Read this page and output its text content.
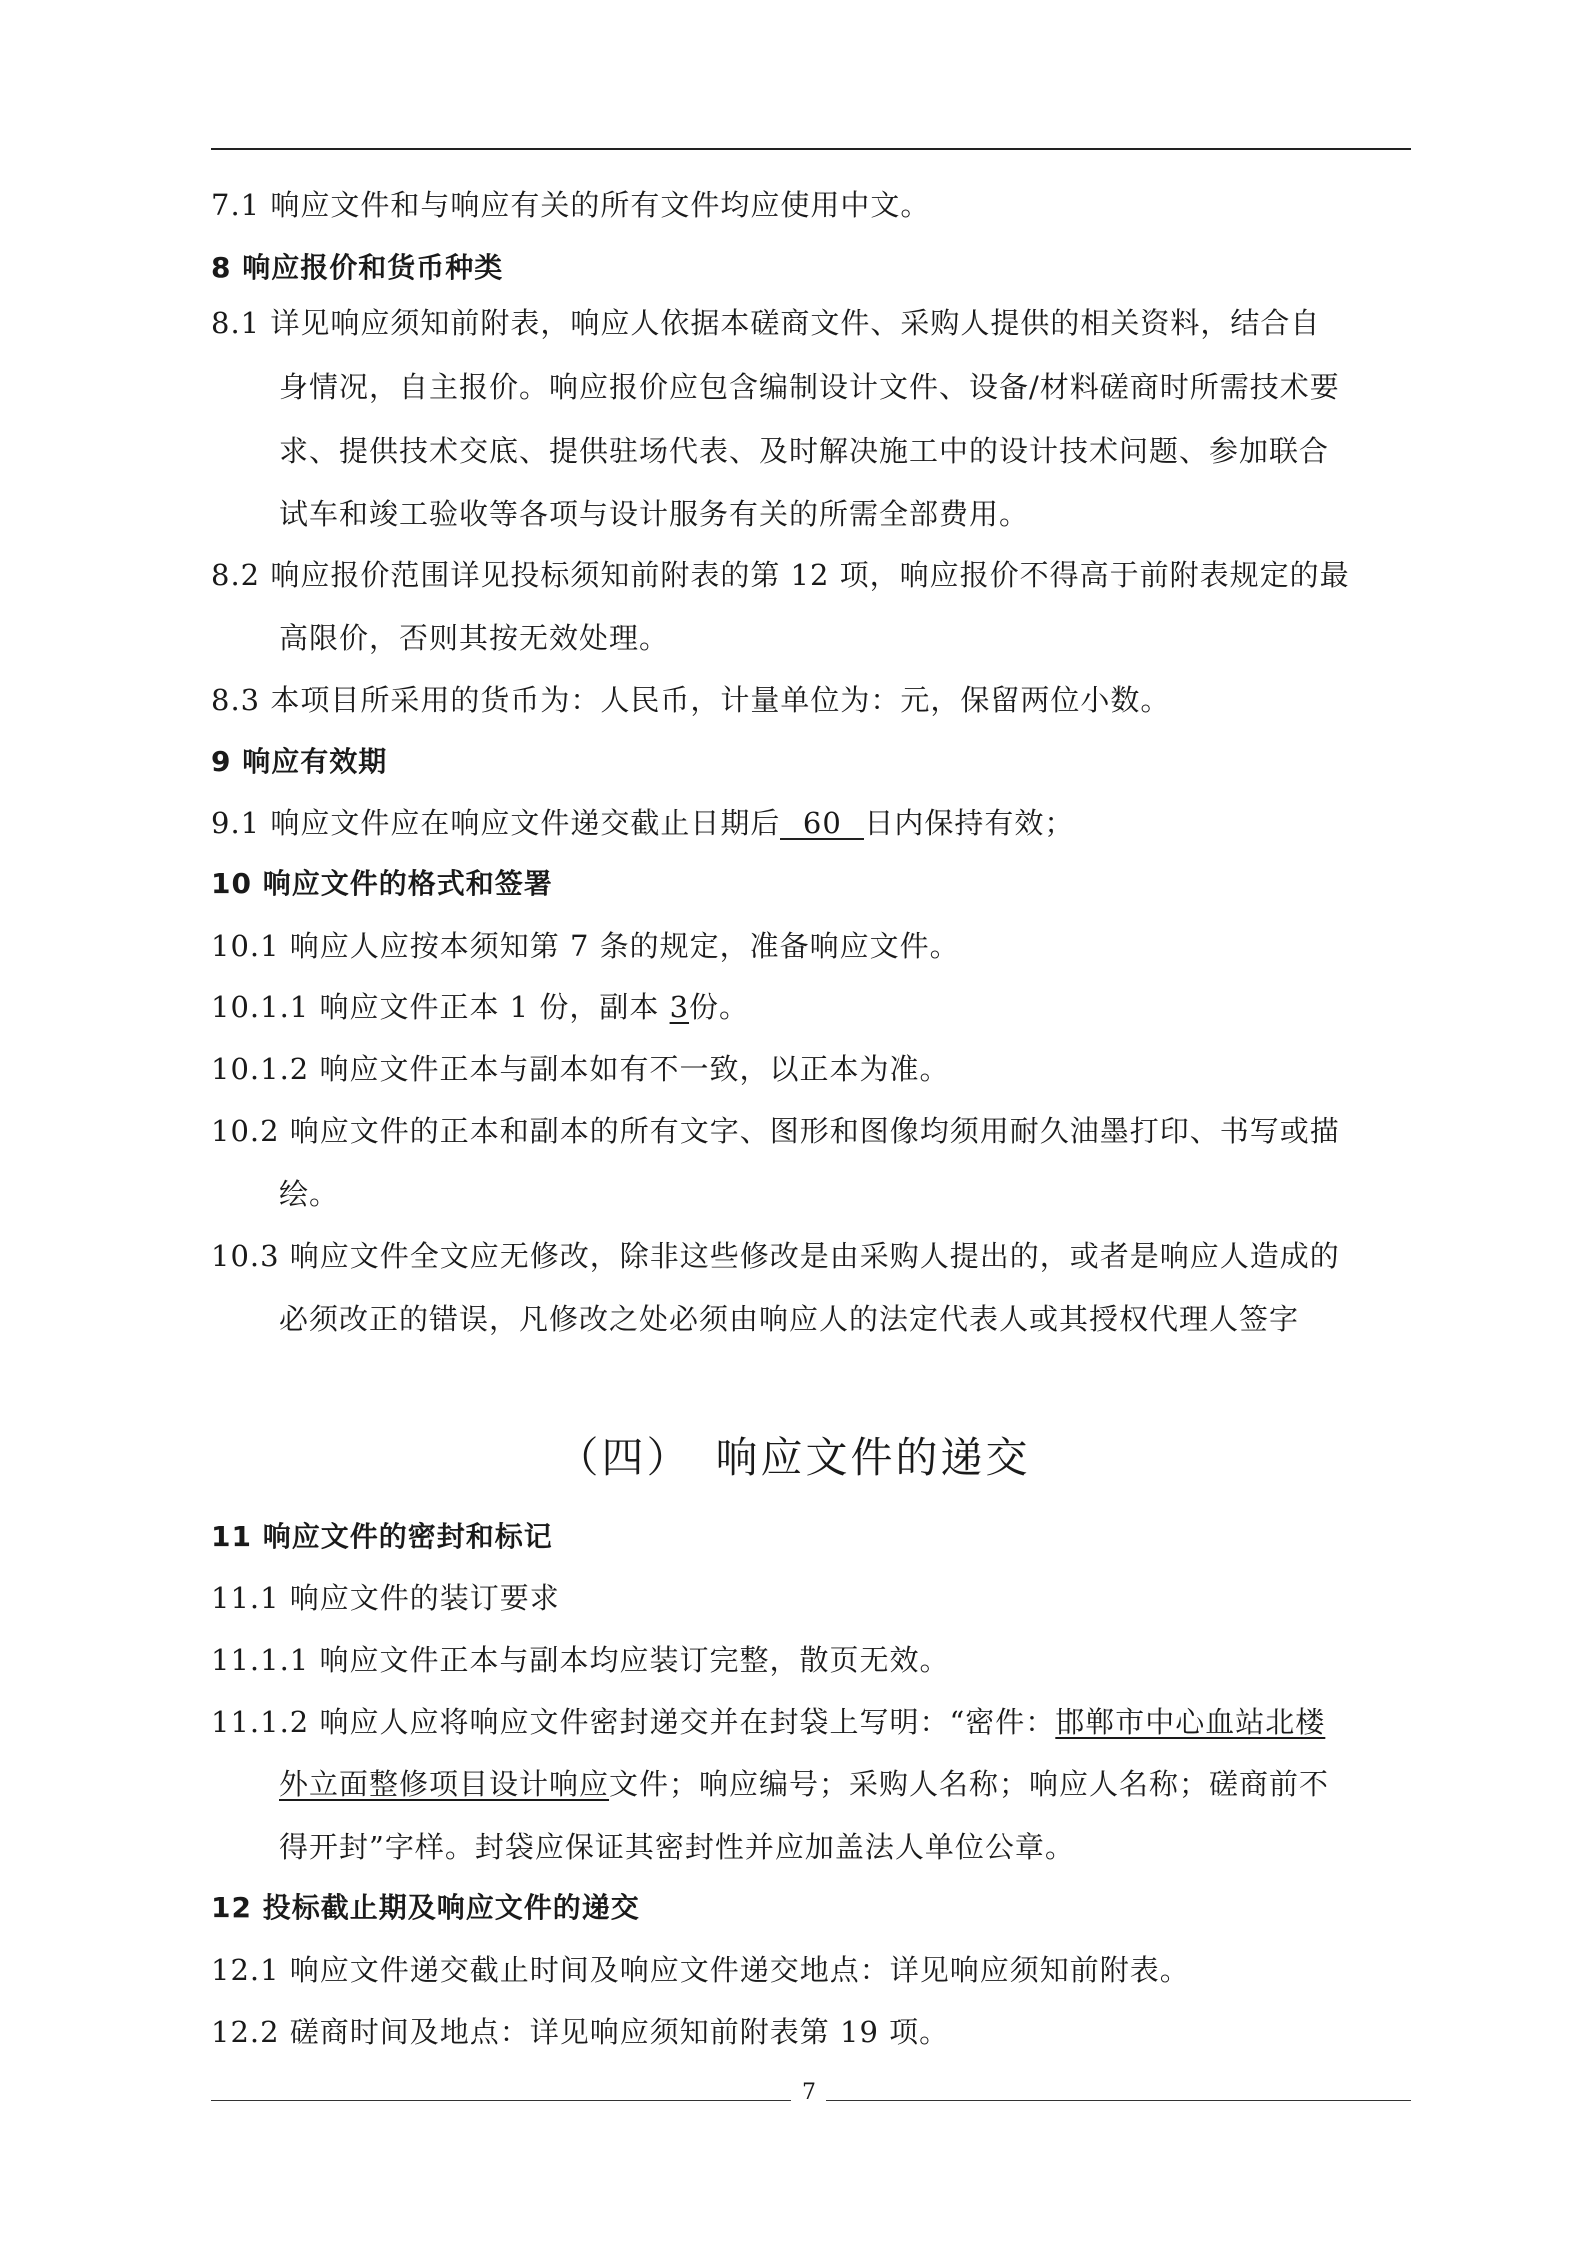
7.1 响应文件和与响应有关的所有文件均应使用中文。
8 响应报价和货币种类
8.1 详见响应须知前附表，响应人依据本磋商文件、采购人提供的相关资料，结合自
身情况，自主报价。响应报价应包含编制设计文件、设备/材料磋商时所需技术要
求、提供技术交底、提供驻场代表、及时解决施工中的设计技术问题、参加联合
试车和竣工验收等各项与设计服务有关的所需全部费用。
8.2 响应报价范围详见投标须知前附表的第 12 项，响应报价不得高于前附表规定的最
高限价，否则其按无效处理。
8.3 本项目所采用的货币为：人民币，计量单位为：元，保留两位小数。
9 响应有效期
9.1 响应文件应在响应文件递交截止日期后 60 日内保持有效；
10 响应文件的格式和签署
10.1 响应人应按本须知第 7 条的规定，准备响应文件。
10.1.1 响应文件正本 1 份，副本 3份。
10.1.2 响应文件正本与副本如有不一致，以正本为准。
10.2 响应文件的正本和副本的所有文字、图形和图像均须用耐久油墨打印、书写或描
绘。
10.3 响应文件全文应无修改，除非这些修改是由采购人提出的，或者是响应人造成的
必须改正的错误，凡修改之处必须由响应人的法定代表人或其授权代理人签字
（四） 响应文件的递交
11 响应文件的密封和标记
11.1 响应文件的装订要求
11.1.1 响应文件正本与副本均应装订完整，散页无效。
11.1.2 响应人应将响应文件密封递交并在封袋上写明：“密件：邯郸市中心血站北楼
外立面整修项目设计响应文件；响应编号；采购人名称；响应人名称；磋商前不
得开封”字样。封袋应保证其密封性并应加盖法人单位公章。
12 投标截止期及响应文件的递交
12.1 响应文件递交截止时间及响应文件递交地点：详见响应须知前附表。
12.2 磋商时间及地点：详见响应须知前附表第 19 项。
7
